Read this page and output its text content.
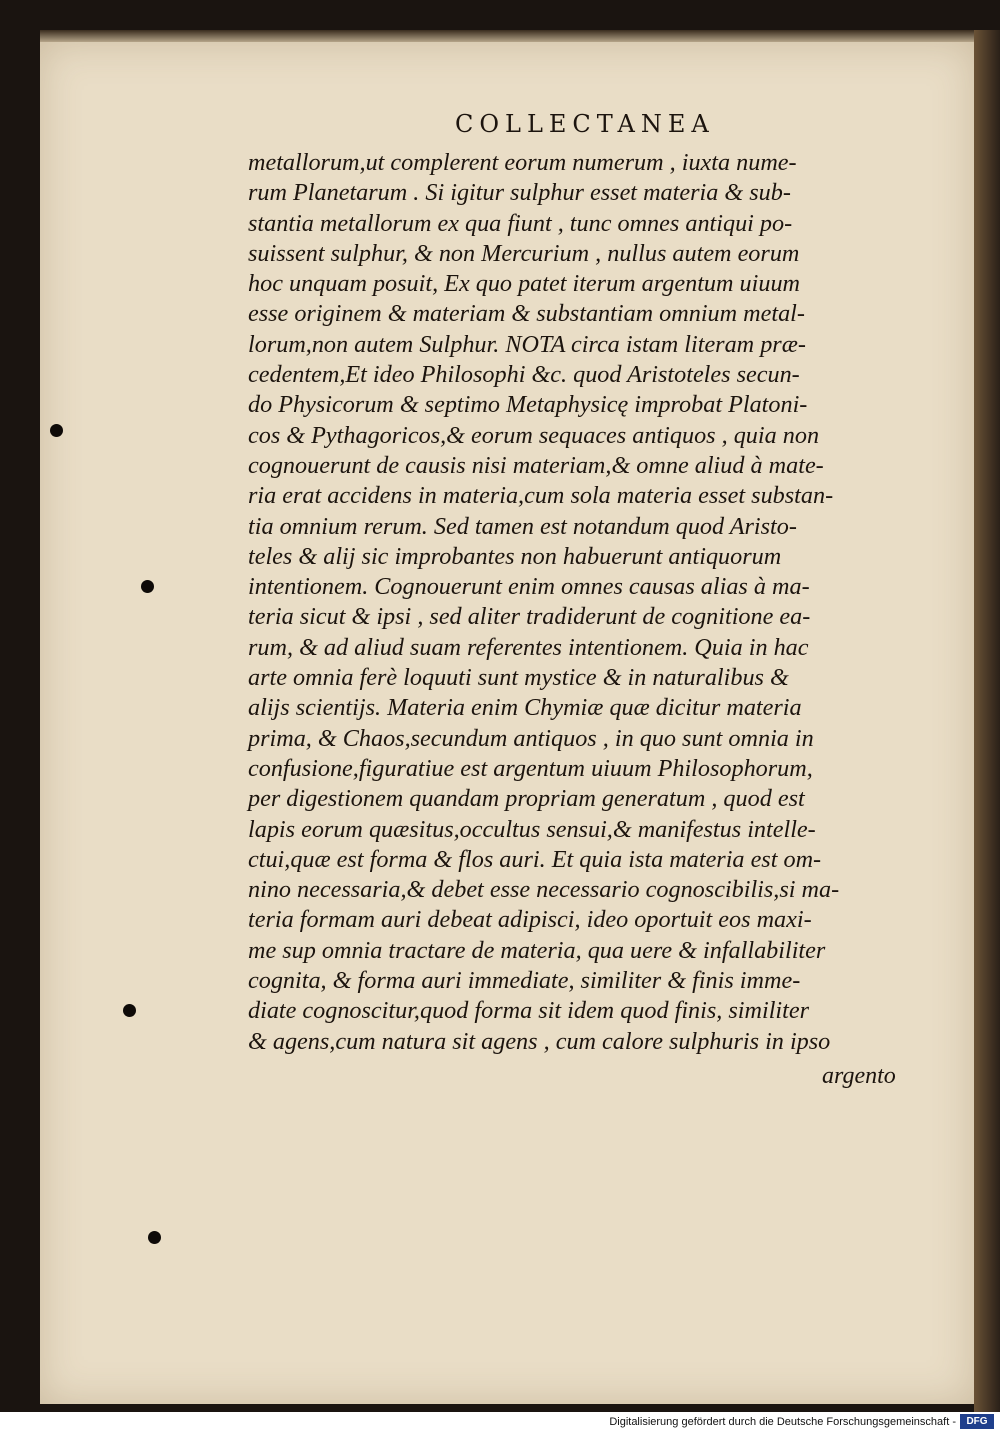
COLLECTANEA
metallorum,ut complerent eorum numerum , iuxta nume-
rum Planetarum . Si igitur sulphur esset materia & sub-
stantia metallorum ex qua fiunt , tunc omnes antiqui po-
suissent sulphur, & non Mercurium , nullus autem eorum
hoc unquam posuit, Ex quo patet iterum argentum uiuum
esse originem & materiam & substantiam omnium metal-
lorum,non autem Sulphur. NOTA circa istam literam præ-
cedentem,Et ideo Philosophi &c. quod Aristoteles secun-
do Physicorum & septimo Metaphysicę improbat Platoni-
cos & Pythagoricos,& eorum sequaces antiquos , quia non
cognouerunt de causis nisi materiam,& omne aliud à mate-
ria erat accidens in materia,cum sola materia esset substan-
tia omnium rerum. Sed tamen est notandum quod Aristo-
teles & alij sic improbantes non habuerunt antiquorum
intentionem. Cognouerunt enim omnes causas alias à ma-
teria sicut & ipsi , sed aliter tradiderunt de cognitione ea-
rum, & ad aliud suam referentes intentionem. Quia in hac
arte omnia ferè loquuti sunt mystice & in naturalibus &
alijs scientijs. Materia enim Chymiæ quæ dicitur materia
prima, & Chaos,secundum antiquos , in quo sunt omnia in
confusione,figuratiue est argentum uiuum Philosophorum,
per digestionem quandam propriam generatum , quod est
lapis eorum quæsitus,occultus sensui,& manifestus intelle-
ctui,quæ est forma & flos auri. Et quia ista materia est om-
nino necessaria,& debet esse necessario cognoscibilis,si ma-
teria formam auri debeat adipisci, ideo oportuit eos maxi-
me sup omnia tractare de materia, qua uere & infallabiliter
cognita, & forma auri immediate, similiter & finis imme-
diate cognoscitur,quod forma sit idem quod finis, similiter
& agens,cum natura sit agens , cum calore sulphuris in ipso
argento
Digitalisierung gefördert durch die Deutsche Forschungsgemeinschaft -	DFG
